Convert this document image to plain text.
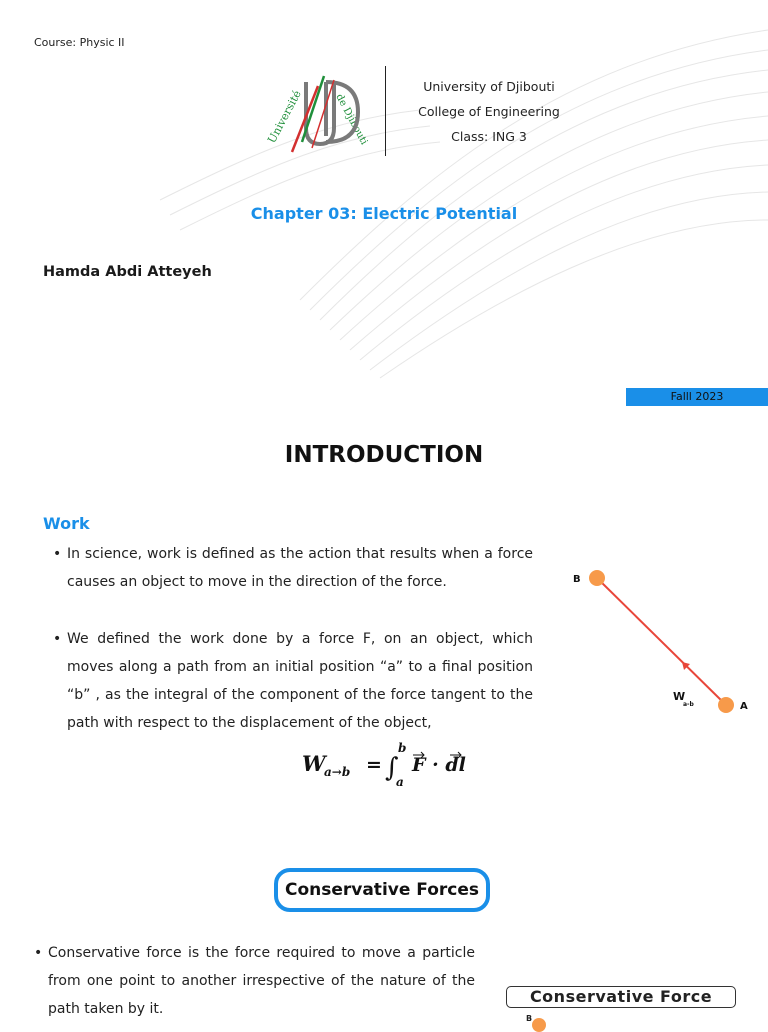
Course: Physic II
Université	de Djibouti
University of Djibouti
College of Engineering
Class: ING 3
Chapter 03: Electric Potential
Hamda Abdi Atteyeh
Falll 2023
INTRODUCTION
Work
• In science, work is defined as the action that results when a force causes an object to move in the direction of the force.
• We defined the work done by a force F, on an object, which moves along a path from an initial position “a” to a final position “b” , as the integral of the component of the force tangent to the path with respect to the displacement of the object,
W
a→b = ∫
b
a
F · dl
B
A
W
a-b
Conservative Forces
• Conservative force is the force required to move a particle from one point to another irrespective of the nature of the path taken by it.
Conservative Force
B
